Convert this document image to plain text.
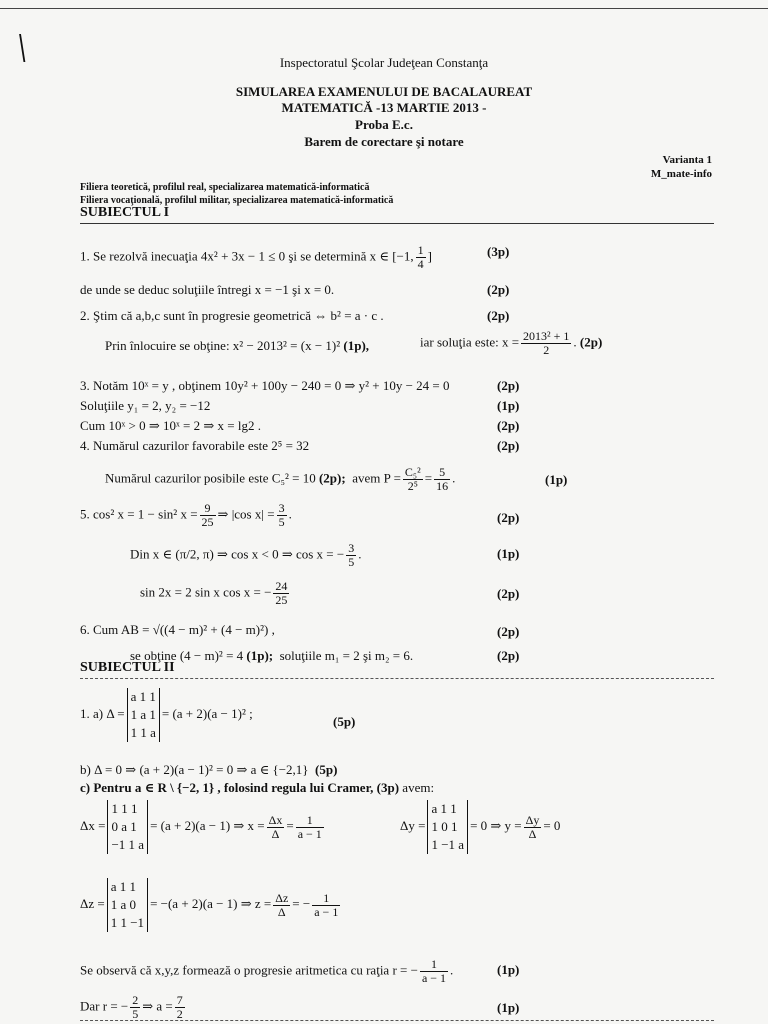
\	Inspectoratul Şcolar Judeţean Constanţa
SIMULAREA EXAMENULUI DE BACALAUREAT
MATEMATICĂ -13 MARTIE 2013 -
Proba E.c.
Barem de corectare şi notare
Varianta 1
M_mate-info
Filiera teoretică, profilul real, specializarea matematică-informatică
Filiera vocaţională, profilul militar, specializarea matematică-informatică
SUBIECTUL I
1. Se rezolvă inecuaţia 4x² + 3x − 1 ≤ 0 şi se determină x ∈ [−1, $\frac{1}{4}$ ]	(3p)
de unde se deduc soluţiile întregi x = −1 şi x = 0.	(2p)
2. Ştim că a,b,c sunt în progresie geometrică ⇔ b² = a · c .	(2p)
Prin înlocuire se obţine: x² − 2013² = (x − 1)² (1p),	iar soluţia este: $x = \frac{\text{2013² + 1}}{2}$ . (2p)
3. Notăm 10ˣ = y , obţinem 10y² + 100y − 240 = 0 ⇒ y² + 10y − 24 = 0	(2p)
Soluţiile y₁ = 2, y₂ = −12	(1p)
Cum 10ˣ > 0 ⇒ 10ˣ = 2 ⇒ x = lg2 .	(2p)
4. Numărul cazurilor favorabile este 2⁵ = 32	(2p)
Numărul cazurilor posibile este C₅² = 10 (2p); avem $P = \frac{\text{C₅²}}{\text{2⁵}} = \frac{5}{16}$ .	(1p)
5. cos² x = 1 − sin² $x = \frac{9}{25}$ ⇒ |cos $x| = \frac{3}{5}$ .	(2p)
Din x ∈ (π/2, π) ⇒ cos x < 0 ⇒ cos x = − $\frac{3}{5}$ .	(1p)
sin 2x = 2 sin x cos x = − $\frac{24}{25}$	(2p)
6. Cum AB = √((4 − m)² + (4 − m)²) ,	(2p)
se obţine (4 − m)² = 4 (1p); soluţiile m₁ = 2 şi m₂ = 6.	(2p)
SUBIECTUL II
1. a) Δ =
a 1 1
1 a 1
1 1 a
= (a + 2)(a − 1)² ;
(5p)
b) Δ = 0 ⇒ (a + 2)(a − 1)² = 0 ⇒ a ∈ {−2,1} (5p)
c) Pentru a ∈ R \ {−2, 1} , folosind regula lui Cramer, (3p) avem:
Δx =
1 1 1
0 a 1
−1 1 a
= (a + 2)(a − 1) ⇒ $x = \frac{\Delta x}{\Delta} = \frac{1}{a - 1}$	Δy =
a 1 1
1 0 1
1 −1 a
= 0 ⇒ $y = \frac{\Delta y}{\Delta} = 0$
Δz =
a 1 1
1 a 0
1 1 −1
= −(a + 2)(a − 1) ⇒ $z = \frac{\Delta z}{\Delta}$ = − $\frac{1}{a - 1}$
Se observă că x,y,z formează o progresie aritmetica cu raţia r = − $\frac{1}{a - 1}$ .	(1p)
Dar r = − $\frac{2}{5}$ ⇒ $a = \frac{7}{2}$	(1p)
